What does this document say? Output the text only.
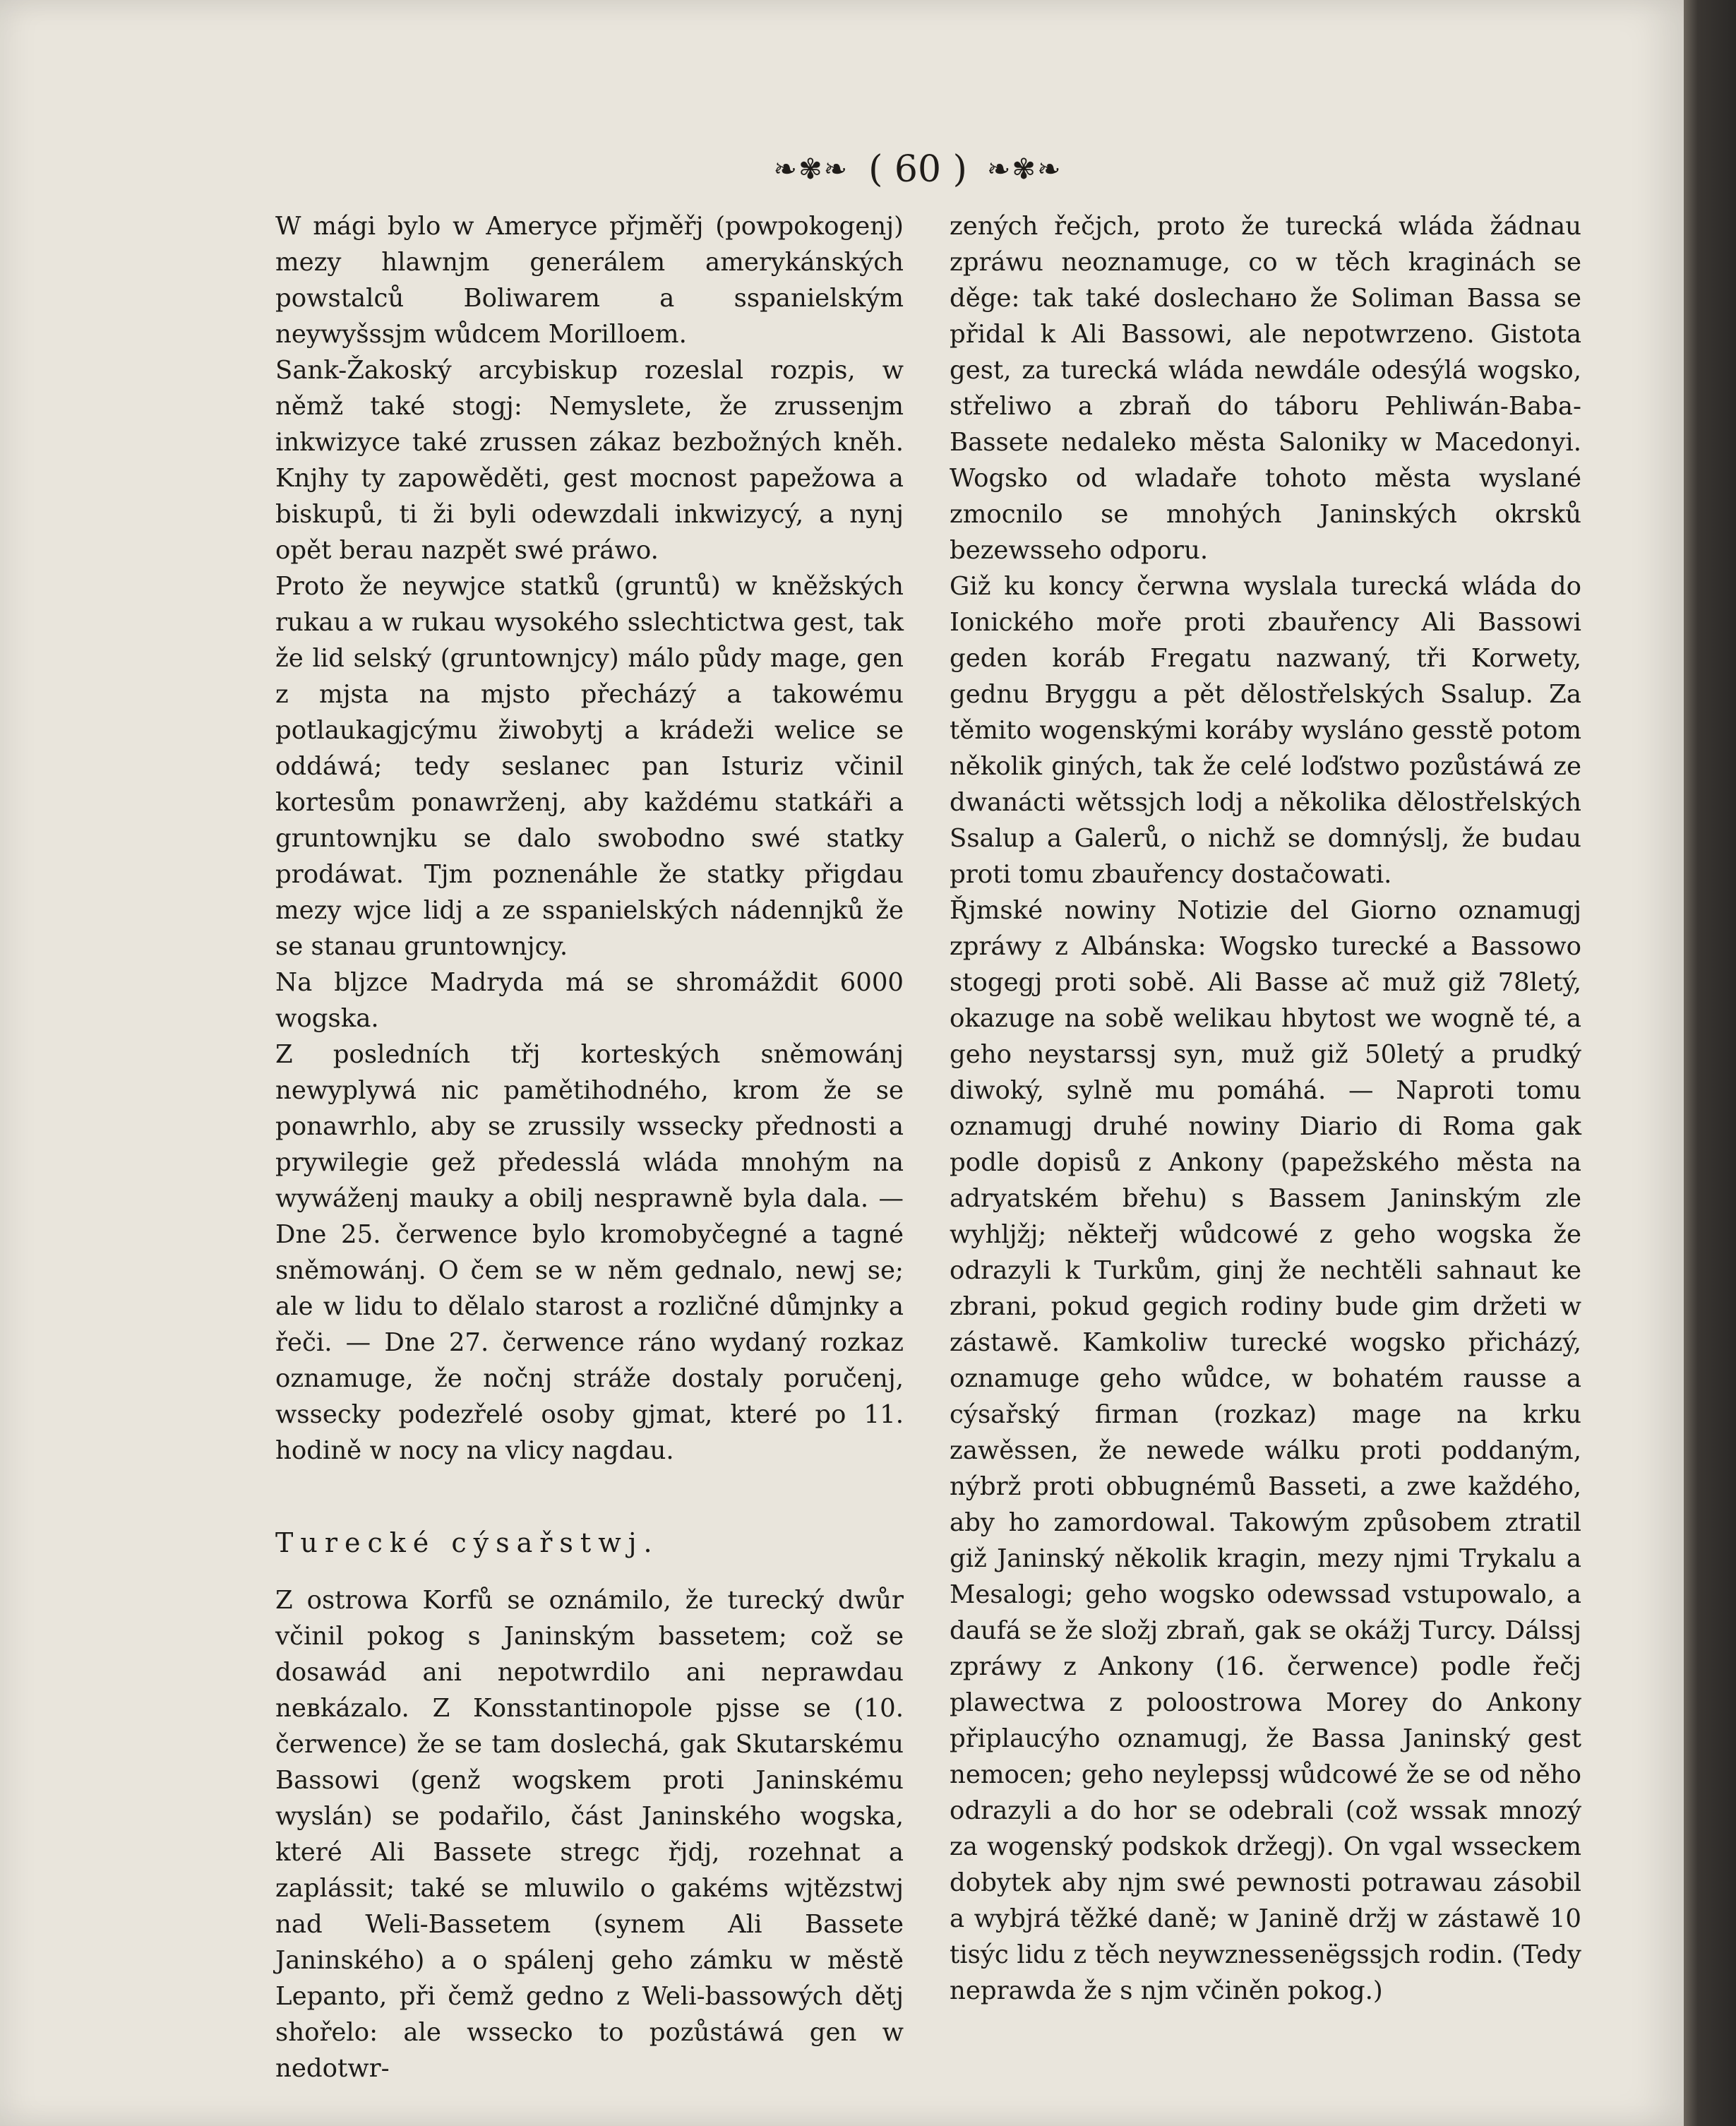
❧✾❧ ( 60 ) ❧✾❧

W mági bylo w Amerycе přjměřj (powpokogenj) mezy hlawnjm generálem amerykánských powstalců Boliwarem a sspanielským neywyšssjm wůdcem Morilloem.

Sank-Žakoský arcybiskup rozeslal rozpis, w němž také stogj: Nemyslete, že zrussenjm inkwizyce také zrussen zákaz bezbožných kněh. Knjhy ty zapowěděti, gest mocnost papežowa a biskupů, ti ži byli odewzdali inkwizycý, a nynj opět berau nazpět swé práwo.

Proto že neywjce statků (gruntů) w kněžských rukau a w rukau wysokého sslechtictwa gest, tak že lid selský (gruntownjcy) málo půdy mage, gen z mjsta na mjsto přecházý a takowému potlaukagjcýmu žiwobytj a krádeži welice se oddáwá; tedy seslanec pan Isturiz včinil kortesům ponawrženj, aby každému statkáři a gruntownjku se dalo swobodno swé statky prodáwat. Tjm poznenáhle že statky přigdau mezy wjce lidj a ze sspanielských nádennjků že se stanau gruntownjcy.

Na bljzce Madryda má se shromáždit 6000 wogska.

Z posledních třj korteských sněmowánj newyplywá nic pamětihodného, krom že se ponawrhlo, aby se zrussily wsseckу přednosti a prywilegie gež předesslá wláda mnohým na wywáženj mauky a obilj nesprawně byla dala. — Dne 25. čerwence bylo kromobyčegné a tagné sněmowánj. O čem se w něm gednalo, newj se; ale w lidu to dělalo starost a rozličné důmjnky a řeči. — Dne 27. čerwence ráno wydaný rozkaz oznamuge, že nočnj stráže dostaly poručenj, wssecky podezřelé osoby gjmat, které po 11. hodině w nocy na vlicy nagdau.

Turecké cýsařstwj.

Z ostrowa Korfů se oznámilo, že turecký dwůr včinil pokog s Janinským bassetem; což se dosawád ani nepotwrdilo ani neprawdau neвkázalo. Z Konsstantinopole pjsse se (10. čerwence) že se tam doslechá, gak Skutarskému Bassowi (genž wogskem proti Janinskému wyslán) se podařilo, část Janinského wogska, které Ali Bassete stregc řjdj, rozehnat a zaplássit; také se mluwilo o gakéms wjtězstwj nad Weli-Bassetem (synem Ali Bassete Janinského) a o spálenj geho zámku w městě Lepanto, při čemž gedno z Weli-bassowých dětj shořelo: ale wssecko to pozůstáwá gen w nedotwr-

zených řečjch, proto že turecká wláda žádnau zpráwu neoznamuge, co w těch kraginách se děge: tak také doslechано že Soliman Bassa se přidal k Ali Bassowi, ale nepotwrzeno. Gistota gest, za turecká wláda newdále odesýlá wogsko, střeliwo a zbraň do táboru Pehliwán-Baba-Bassete nedaleko města Saloniky w Macedonyi. Wogsko od wladaře tohoto města wyslané zmocnilo se mnohých Janinských okrsků bezewsseho odporu.

Giž ku koncy čerwna wyslala turecká wláda do Ionického moře proti zbauřency Ali Bassowi geden koráb Fregatu nazwaný, tři Korwety, gednu Bryggu a pět dělostřelských Ssalup. Za těmito wogenskými korábу wysláno gesstě potom několik giných, tak že celé loďstwo pozůstáwá ze dwanácti wětssjch lodj a několika dělostřelských Ssalup a Galerů, o nichž se domnýslj, že budau proti tomu zbauřency dostačowati.

Řjmské nowiny Notizie del Giorno oznamugj zpráwy z Albánska: Wogsko turecké a Bassowo stogegj proti sobě. Ali Basse ač muž giž 78letý, okazuge na sobě welikau hbytost we wogně té, a geho neystarssj syn, muž giž 50letý a prudký diwoký, sylně mu pomáhá. — Naproti tomu oznamugj druhé nowiny Diario di Roma gak podle dopisů z Ankony (papežského města na adryatském břehu) s Bassem Janinským zle wyhljžj; někteřj wůdcowé z geho wogska že odrazyli k Turkům, ginj že nechtěli sahnaut ke zbrani, pokud gegich rodiny bude gim držeti w zástawě. Kamkoliw turecké wogsko přicházý, oznamuge geho wůdce, w bohatém rausse a cýsařský firman (rozkaz) mage na krku zawěssen, že newede wálku proti poddaným, nýbrž proti obbugnémů Basseti, a zwe každého, aby ho zamordowal. Takowým způsobem ztratil giž Janinský několik kragin, mezy njmi Trykalu a Mesalogi; geho wogsko odewssad vstupowalo, a daufá se že složj zbraň, gak se okážj Turcy. Dálssj zpráwy z Ankony (16. čerwence) podle řečj plawectwa z poloostrowa Morey do Ankony připlaucýho oznamugj, že Bassa Janinský gest nemocen; geho neylepssj wůdcowé že se od něho odrazyli a do hor se odebrali (což wssak mnozý za wogenský podskok držegj). On vgal wsseckem dobytek aby njm swé pewnosti potrawau zásobil a wybjrá těžké daně; w Janině držj w zástawě 10 tisýc lidu z těch neywznessenёgssjch rodin. (Tedy neprawda že s njm včiněn pokog.)
